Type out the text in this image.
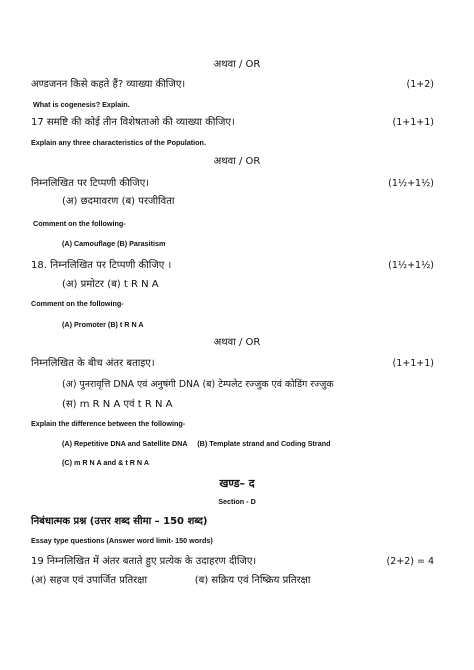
अथवा / OR
अण्डजनन किसे कहते हैं? व्याख्या कीजिए।	(1+2)
What is cogenesis? Explain.
17 समष्टि की कोई तीन विशेषताओ की व्याख्या कीजिए।	(1+1+1)
Explain any three characteristics of the Population.
अथवा / OR
निम्नलिखित पर टिप्पणी कीजिए।	(1½+1½)
(अ) छदमावरण (ब) परजीविता
Comment on the following-
(A) Camouflage (B) Parasitism
18. निम्नलिखित पर टिप्पणी कीजिए ।	(1½+1½)
(अ) प्रमोटर (ब) t R N A
Comment on the following-
(A) Promoter (B) t R N A
अथवा / OR
निम्नलिखित के बीच अंतर बताइए।	(1+1+1)
(अ) पुनरावृत्ति DNA एवं अनुषंगी DNA (ब) टेम्पलेट रज्जुक एवं कोडिंग रज्जुक
(स) m R N A एवं t R N A
Explain the difference between the following-
(A) Repetitive DNA and Satellite DNA     (B) Template strand and Coding Strand
(C) m R N A and & t R N A
खण्ड– द
Section - D
निबंधात्मक प्रश्न (उत्तर शब्द सीमा – 150 शब्द)
Essay type questions (Answer word limit- 150 words)
19 निम्नलिखित में अंतर बताते हुए प्रत्येक के उदाहरण दीजिए।	(2+2) = 4
(अ) सहज एवं उपार्जित प्रतिरक्षा               (ब) सक्रिय एवं निष्क्रिय प्रतिरक्षा
